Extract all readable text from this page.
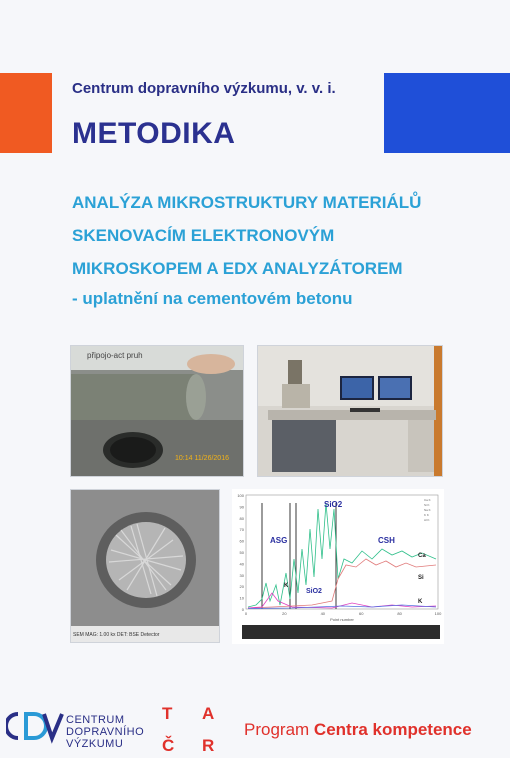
Centrum dopravního výzkumu, v. v. i.
METODIKA
ANALÝZA MIKROSTRUKTURY MATERIÁLŮ
SKENOVACÍM ELEKTRONOVÝM
MIKROSKOPEM A EDX ANALYZÁTOREM
- uplatnění na cementovém betonu
připojo-act pruh
10:14 11/26/2016
SEM MAG: 1.00 kx DET: BSE Detector
100
90
80
70
60
50
40
30
20
10
0
0	20	40	60	80	100
Point number
SiO2
ASG	CSH
Ca
Si
K
K
SiO2
Ca K
Si K
Na K
K K
Al K
CENTRUM
DOPRAVNÍHO
VÝZKUMU
T A
Č R
Program Centra kompetence
